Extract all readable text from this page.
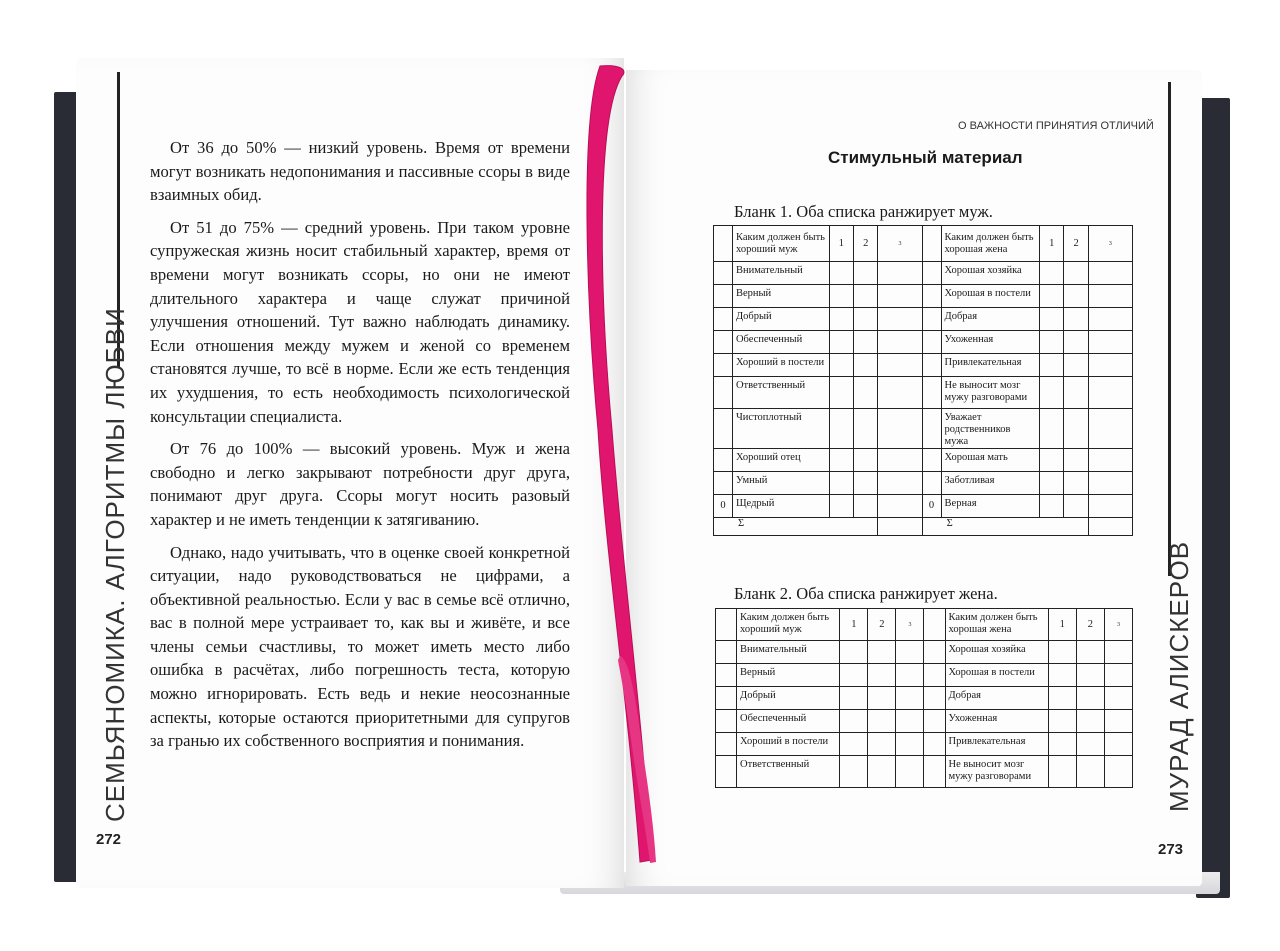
СЕМЬЯНОМИКА. АЛГОРИТМЫ ЛЮБВИ
272

От 36 до 50% — низкий уровень. Время от времени могут возникать недопонимания и пассивные ссоры в виде взаимных обид.

От 51 до 75% — средний уровень. При таком уровне супружеская жизнь носит стабильный характер, время от времени могут возникать ссоры, но они не имеют длительного характера и чаще служат причиной улучшения отношений. Тут важно наблюдать динамику. Если отношения между мужем и женой со временем становятся лучше, то всё в норме. Если же есть тенденция их ухудшения, то есть необходимость психологической консультации специалиста.

От 76 до 100% — высокий уровень. Муж и жена свободно и легко закрывают потребности друг друга, понимают друг друга. Ссоры могут носить разовый характер и не иметь тенденции к затягиванию.

Однако, надо учитывать, что в оценке своей конкретной ситуации, надо руководствоваться не цифрами, а объективной реальностью. Если у вас в семье всё отлично, вас в полной мере устраивает то, как вы и живёте, и все члены семьи счастливы, то может иметь место либо ошибка в расчётах, либо погрешность теста, которую можно игнорировать. Есть ведь и некие неосознанные аспекты, которые остаются приоритетными для супругов за гранью их собственного восприятия и понимания.

О ВАЖНОСТИ ПРИНЯТИЯ ОТЛИЧИЙ
Стимульный материал
МУРАД АЛИСКЕРОВ
273
Бланк 1. Оба списка ранжирует муж.
	Каким должен быть хороший муж	1	2	3		Каким должен быть хорошая жена	1	2	3
	Внимательный					Хорошая хозяйка			
	Верный					Хорошая в постели			
	Добрый					Добрая			
	Обеспеченный					Ухоженная			
	Хороший в постели					Привлекательная			
	Ответственный					Не выносит мозг мужу разговорами			
	Чистоплотный					Уважает родственников мужа			
	Хороший отец					Хорошая мать			
	Умный					Заботливая			
0	Щедрый				0	Верная			
Σ					Σ				
Бланк 2. Оба списка ранжирует жена.
	Каким должен быть хороший муж	1	2	3		Каким должен быть хорошая жена	1	2	3
	Внимательный					Хорошая хозяйка			
	Верный					Хорошая в постели			
	Добрый					Добрая			
	Обеспеченный					Ухоженная			
	Хороший в постели					Привлекательная			
	Ответственный					Не выносит мозг мужу разговорами			
